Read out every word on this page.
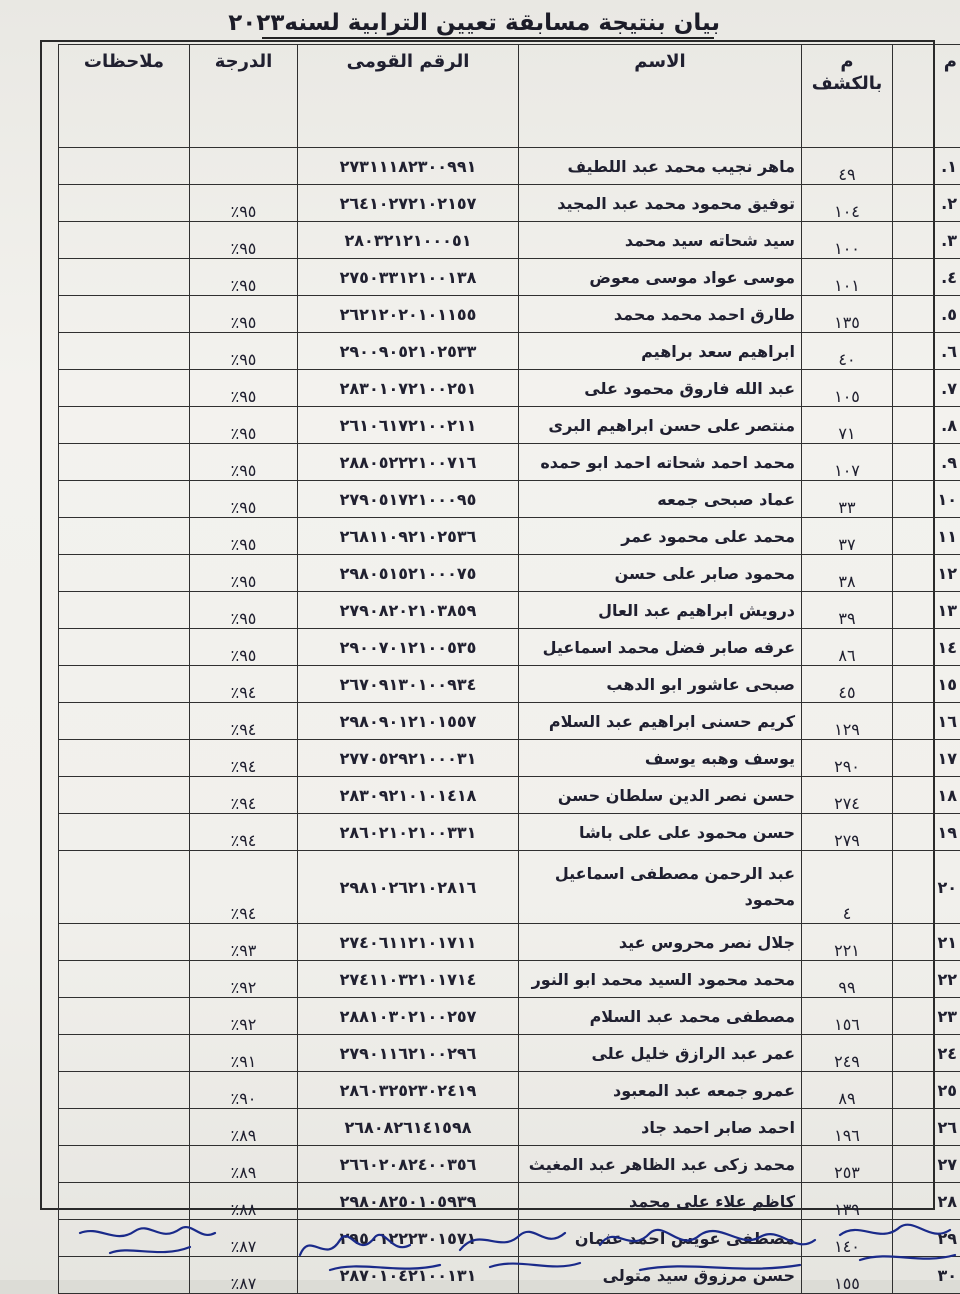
بيان بنتيجة مسابقة تعيين الترابية لسنه٢٠٢٣
م	م بالكشف	الاسم	الرقم القومى	الدرجة	ملاحظات
١.	٤٩	ماهر نجيب محمد عبد اللطيف	٢٧٣١١١٨٢٣٠٠٩٩١		
٢.	١٠٤	توفيق محمود محمد عبد المجيد	٢٦٤١٠٢٧٢١٠٢١٥٧	٩٥٪	
٣.	١٠٠	سيد شحاته سيد محمد	٢٨٠٣٢١٢١٠٠٠٥١	٩٥٪	
٤.	١٠١	موسى عواد موسى معوض	٢٧٥٠٣٣١٢١٠٠١٣٨	٩٥٪	
٥.	١٣٥	طارق احمد محمد محمد	٢٦٢١٢٠٢٠١٠١١٥٥	٩٥٪	
٦.	٤٠	ابراهيم سعد براهيم	٢٩٠٠٩٠٥٢١٠٢٥٣٣	٩٥٪	
٧.	١٠٥	عبد الله فاروق محمود على	٢٨٣٠١٠٧٢١٠٠٢٥١	٩٥٪	
٨.	٧١	منتصر على حسن ابراهيم البرى	٢٦١٠٦١٧٢١٠٠٢١١	٩٥٪	
٩.	١٠٧	محمد احمد شحاته احمد ابو حمده	٢٨٨٠٥٢٢٢١٠٠٧١٦	٩٥٪	
١٠	٣٣	عماد صبحى جمعه	٢٧٩٠٥١٧٢١٠٠٠٩٥	٩٥٪	
١١	٣٧	محمد على محمود عمر	٢٦٨١١٠٩٢١٠٢٥٣٦	٩٥٪	
١٢	٣٨	محمود صابر على حسن	٢٩٨٠٥١٥٢١٠٠٠٧٥	٩٥٪	
١٣	٣٩	درويش ابراهيم عبد العال	٢٧٩٠٨٢٠٢١٠٣٨٥٩	٩٥٪	
١٤	٨٦	عرفه صابر فضل محمد اسماعيل	٢٩٠٠٧٠١٢١٠٠٥٣٥	٩٥٪	
١٥	٤٥	صبحى عاشور ابو الدهب	٢٦٧٠٩١٣٠١٠٠٩٣٤	٩٤٪	
١٦	١٢٩	كريم حسنى ابراهيم عبد السلام	٢٩٨٠٩٠١٢١٠١٥٥٧	٩٤٪	
١٧	٢٩٠	يوسف وهبه يوسف	٢٧٧٠٥٢٩٢١٠٠٠٣١	٩٤٪	
١٨	٢٧٤	حسن نصر الدين سلطان حسن	٢٨٣٠٩٢١٠١٠١٤١٨	٩٤٪	
١٩	٢٧٩	حسن محمود على على باشا	٢٨٦٠٢١٠٢١٠٠٣٣١	٩٤٪	
٢٠	٤	عبد الرحمن مصطفى اسماعيل محمود	٢٩٨١٠٢٦٢١٠٢٨١٦	٩٤٪	
٢١	٢٢١	جلال نصر محروس عيد	٢٧٤٠٦١١٢١٠١٧١١	٩٣٪	
٢٢	٩٩	محمد محمود السيد محمد ابو النور	٢٧٤١١٠٣٢١٠١٧١٤	٩٢٪	
٢٣	١٥٦	مصطفى محمد عبد السلام	٢٨٨١٠٣٠٢١٠٠٢٥٧	٩٢٪	
٢٤	٢٤٩	عمر عبد الرازق خليل على	٢٧٩٠١١٦٢١٠٠٢٩٦	٩١٪	
٢٥	٨٩	عمرو جمعه عبد المعبود	٢٨٦٠٣٢٥٢٣٠٢٤١٩	٩٠٪	
٢٦	١٩٦	احمد صابر احمد جاد	٢٦٨٠٨٢٦١٤١٥٩٨	٨٩٪	
٢٧	٢٥٣	محمد زكى عبد الظاهر عبد المغيث	٢٦٦٠٢٠٨٢٤٠٠٣٥٦	٨٩٪	
٢٨	١٣٩	كاظم علاء على محمد	٢٩٨٠٨٢٥٠١٠٥٩٣٩	٨٨٪	
٢٩	١٤٠	مصطفى عويس احمد عثمان	٢٩٥٠١٢٢٢٣٠١٥٧١	٨٧٪	
٣٠	١٥٥	حسن مرزوق سيد متولى	٢٨٧٠١٠٤٢١٠٠١٣١	٨٧٪	
